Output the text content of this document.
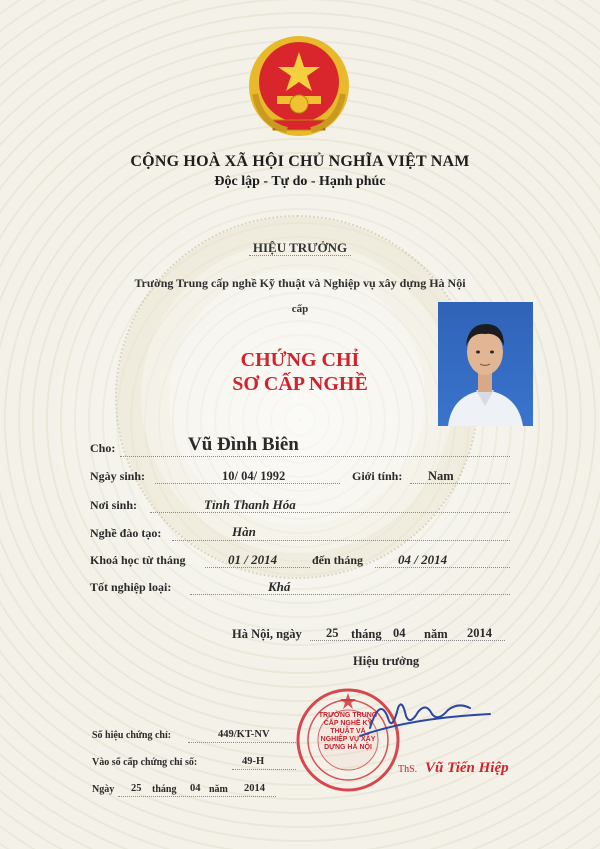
CỘNG HOÀ XÃ HỘI CHỦ NGHĨA VIỆT NAM
Độc lập - Tự do - Hạnh phúc
HIỆU TRƯỞNG
Trường Trung cấp nghề Kỹ thuật và Nghiệp vụ xây dựng Hà Nội
cấp
CHỨNG CHỈ
SƠ CẤP NGHỀ
Cho:	Vũ Đình Biên
Ngày sinh:	10/ 04/ 1992	Giới tính: Nam
Nơi sinh:	Tỉnh Thanh Hóa
Nghề đào tạo:	Hàn
Khoá học từ tháng	01 / 2014	đến tháng	04 / 2014
Tốt nghiệp loại:	Khá
Hà Nội, ngày 25 tháng 04 năm 2014
Hiệu trưởng
Số hiệu chứng chỉ:	449/KT-NV
Vào sổ cấp chứng chỉ số:	49-H
Ngày 25 tháng 04 năm 2014
TRƯỜNG TRUNG CẤP NGHỀ KỸ THUẬT VÀ NGHIỆP VỤ XÂY DỰNG HÀ NỘI
ThS. Vũ Tiến Hiệp
